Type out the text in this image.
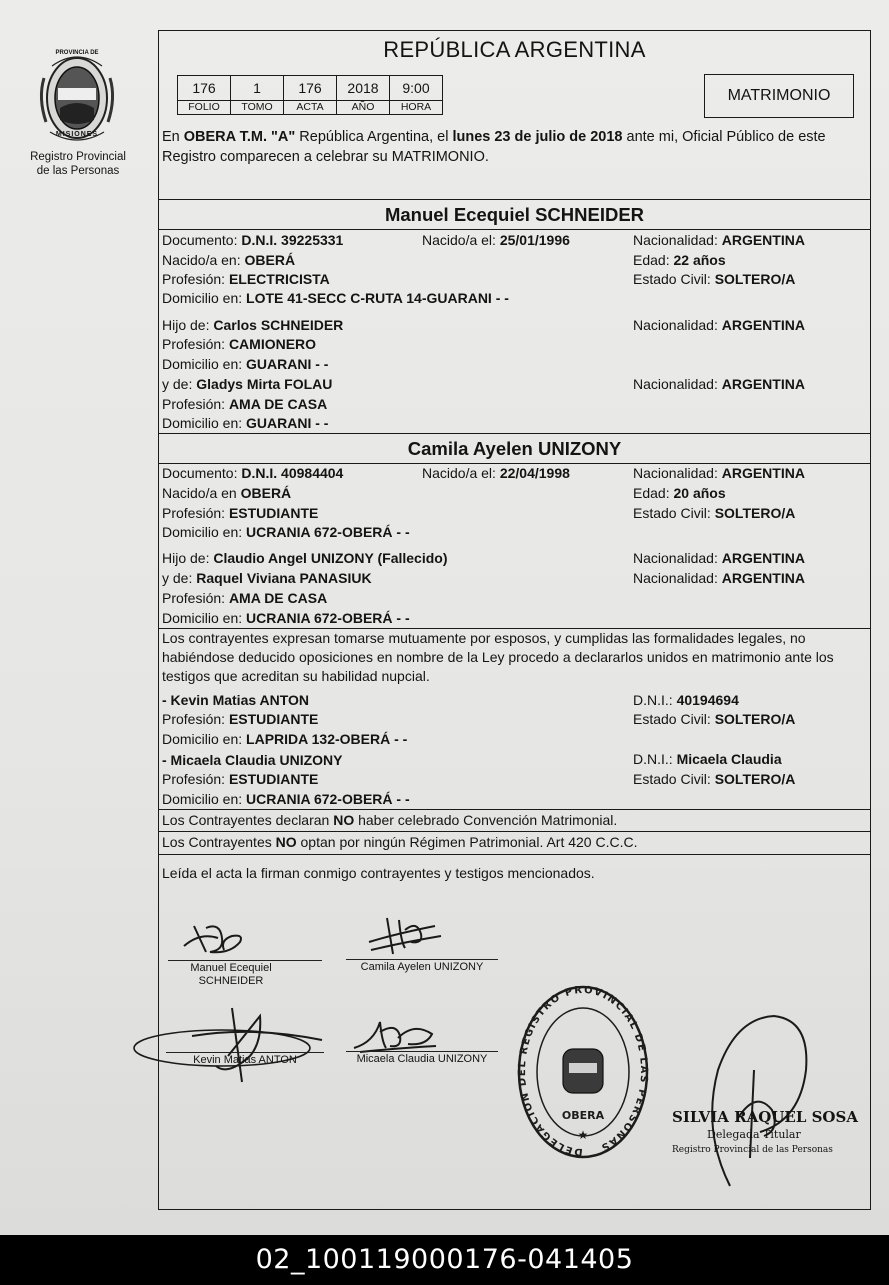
Registro Provincial
de las Personas
PROVINCIA DE
MISIONES
REPÚBLICA ARGENTINA
176	1	176	2018	9:00
FOLIO	TOMO	ACTA	AÑO	HORA
MATRIMONIO
En OBERA T.M. "A" República Argentina, el lunes 23 de julio de 2018 ante mi, Oficial Público de este Registro comparecen a celebrar su MATRIMONIO.
Manuel Ecequiel SCHNEIDER
Documento: D.N.I. 39225331	Nacido/a el: 25/01/1996	Nacionalidad: ARGENTINA
Nacido/a en: OBERÁ	Edad: 22 años
Profesión: ELECTRICISTA	Estado Civil: SOLTERO/A
Domicilio en: LOTE 41-SECC C-RUTA 14-GUARANI - -
Hijo de: Carlos SCHNEIDER	Nacionalidad: ARGENTINA
Profesión: CAMIONERO
Domicilio en: GUARANI - -
y de: Gladys Mirta FOLAU	Nacionalidad: ARGENTINA
Profesión: AMA DE CASA
Domicilio en: GUARANI - -
Camila Ayelen UNIZONY
Documento: D.N.I. 40984404	Nacido/a el: 22/04/1998	Nacionalidad: ARGENTINA
Nacido/a en OBERÁ	Edad: 20 años
Profesión: ESTUDIANTE	Estado Civil: SOLTERO/A
Domicilio en: UCRANIA 672-OBERÁ - -
Hijo de: Claudio Angel UNIZONY (Fallecido)	Nacionalidad: ARGENTINA
y de: Raquel Viviana PANASIUK	Nacionalidad: ARGENTINA
Profesión: AMA DE CASA
Domicilio en: UCRANIA 672-OBERÁ - -
Los contrayentes expresan tomarse mutuamente por esposos, y cumplidas las formalidades legales, no habiéndose deducido oposiciones en nombre de la Ley procedo a declararlos unidos en matrimonio ante los testigos que acreditan su habilidad nupcial.
- Kevin Matias ANTON	D.N.I.: 40194694
Profesión: ESTUDIANTE	Estado Civil: SOLTERO/A
Domicilio en: LAPRIDA 132-OBERÁ - -
- Micaela Claudia UNIZONY	D.N.I.: Micaela Claudia
Profesión: ESTUDIANTE	Estado Civil: SOLTERO/A
Domicilio en: UCRANIA 672-OBERÁ - -
Los Contrayentes declaran NO haber celebrado Convención Matrimonial.
Los Contrayentes NO optan por ningún Régimen Patrimonial. Art 420 C.C.C.
Leída el acta la firman conmigo contrayentes y testigos mencionados.
Manuel Ecequiel
SCHNEIDER
Camila Ayelen UNIZONY
Kevin Matias ANTON	Micaela Claudia UNIZONY
DELEGACION DEL REGISTRO PROVINCIAL DE LAS PERSONAS
OBERA
★
SILVIA RAQUEL SOSA
Delegada Titular
Registro Provincial de las Personas
02_100119000176-041405
